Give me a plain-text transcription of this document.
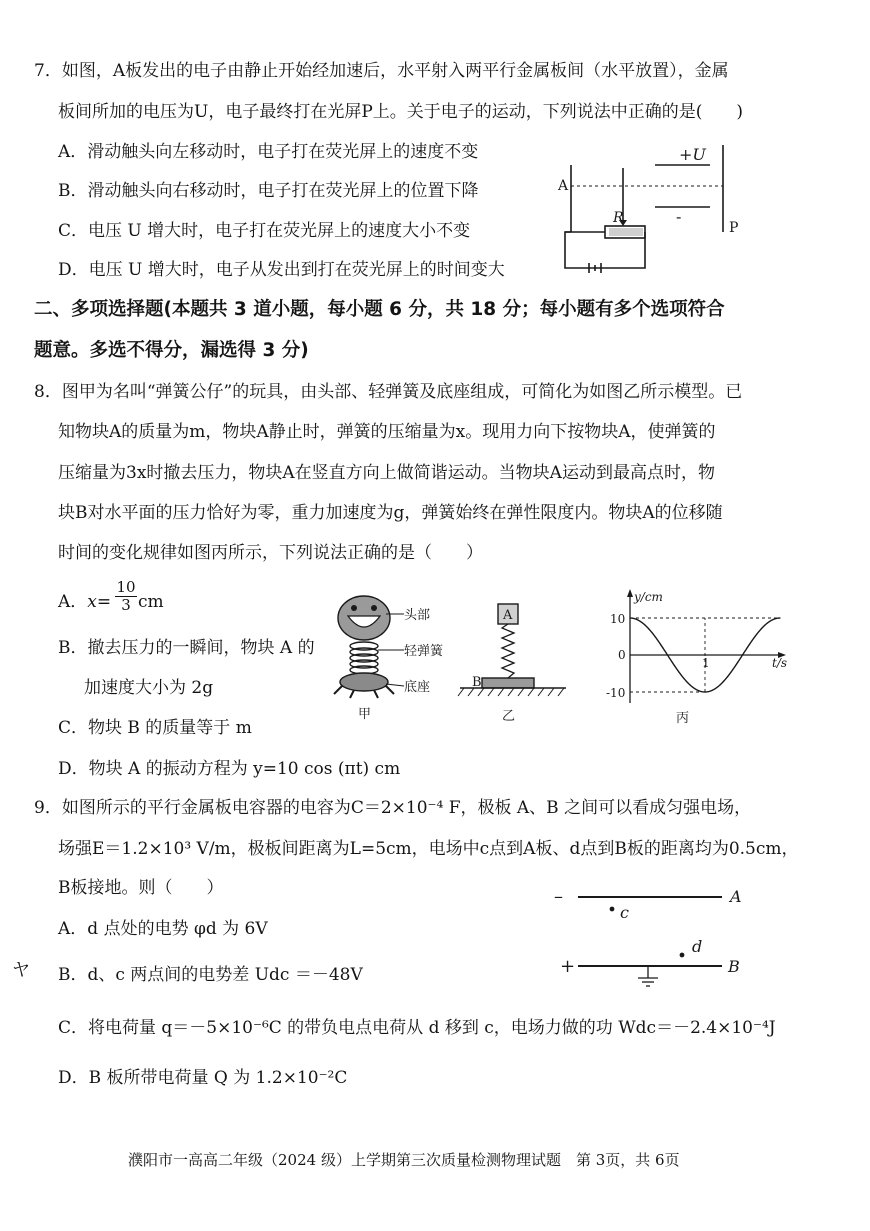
7．如图，A板发出的电子由静止开始经加速后，水平射入两平行金属板间（水平放置），金属
板间所加的电压为U，电子最终打在光屏P上。关于电子的运动，下列说法中正确的是(　　)
A．滑动触头向左移动时，电子打在荧光屏上的速度不变
B．滑动触头向右移动时，电子打在荧光屏上的位置下降
C．电压 U 增大时，电子打在荧光屏上的速度大小不变
D．电压 U 增大时，电子从发出到打在荧光屏上的时间变大
+U
-
A
R
P
二、多项选择题(本题共 3 道小题，每小题 6 分，共 18 分；每小题有多个选项符合
题意。多选不得分，漏选得 3 分)
8．图甲为名叫“弹簧公仔”的玩具，由头部、轻弹簧及底座组成，可简化为如图乙所示模型。已
知物块A的质量为m，物块A静止时，弹簧的压缩量为x。现用力向下按物块A，使弹簧的
压缩量为3x时撤去压力，物块A在竖直方向上做简谐运动。当物块A运动到最高点时，物
块B对水平面的压力恰好为零，重力加速度为g，弹簧始终在弹性限度内。物块A的位移随
时间的变化规律如图丙所示，下列说法正确的是（　　）
A．x=
10
3 cm
B．撤去压力的一瞬间，物块 A 的
加速度大小为 2g
C．物块 B 的质量等于 m
D．物块 A 的振动方程为 y=10 cos (πt) cm
头部
轻弹簧
底座
甲
A
B
乙
y/cm
t/s
10
0
-10
1
丙
9．如图所示的平行金属板电容器的电容为C＝2×10⁻⁴ F，极板 A、B 之间可以看成匀强电场，
场强E＝1.2×10³ V/m，极板间距离为L=5cm，电场中c点到A板、d点到B板的距离均为0.5cm，
B板接地。则（　　）
A．d 点处的电势 φd 为 6V
B．d、c 两点间的电势差 Udc ＝－48V
C．将电荷量 q＝－5×10⁻⁶C 的带负电点电荷从 d 移到 c，电场力做的功 Wdc＝－2.4×10⁻⁴J
D．B 板所带电荷量 Q 为 1.2×10⁻²C
ヤ
–	A
c
+
d
B
濮阳市一高高二年级（2024 级）上学期第三次质量检测物理试题　第 3页，共 6页
